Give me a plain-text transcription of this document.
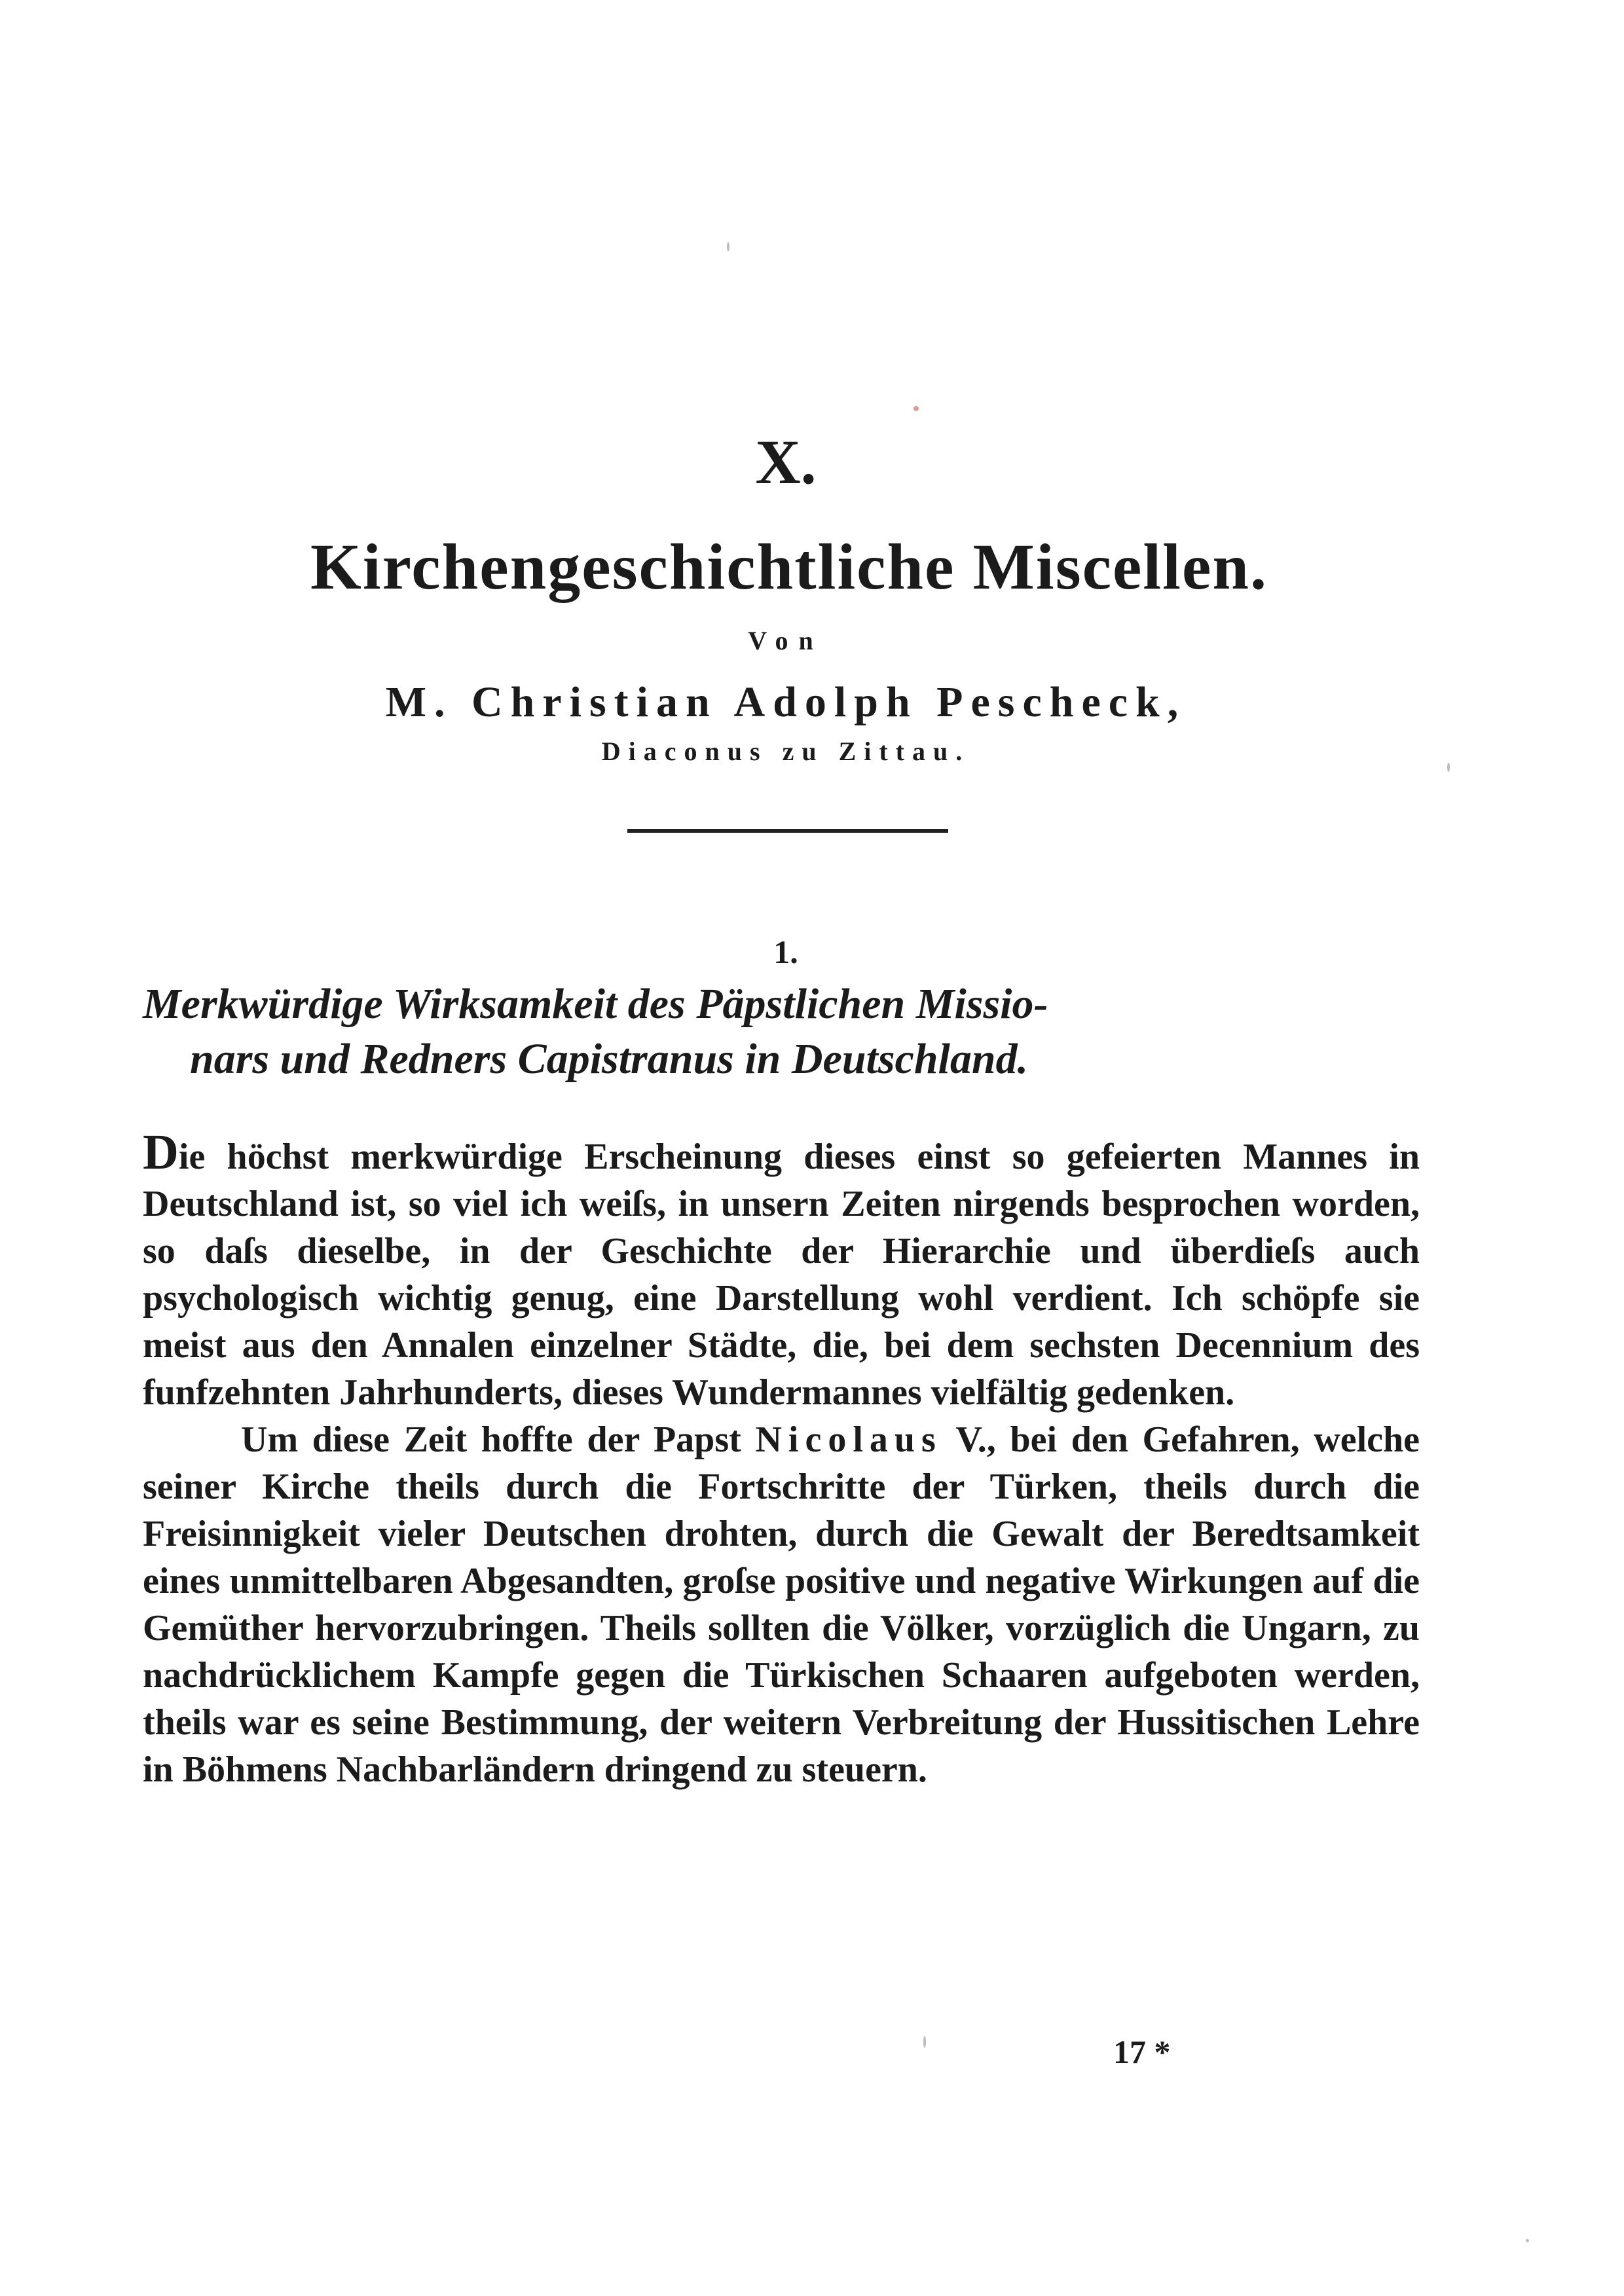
X.
Kirchengeschichtliche Miscellen.
Von
M. Christian Adolph Pescheck,
Diaconus zu Zittau.
1.
Merkwürdige Wirksamkeit des Päpstlichen Missio-
nars und Redners Capistranus in Deutschland.

Die höchst merkwürdige Erscheinung dieses einst so gefeierten Mannes in Deutschland ist, so viel ich weiſs, in unsern Zeiten nirgends besprochen worden, so daſs dieselbe, in der Geschichte der Hierarchie und überdieſs auch psychologisch wichtig genug, eine Darstellung wohl verdient. Ich schöpfe sie meist aus den Annalen einzelner Städte, die, bei dem sechsten Decennium des funfzehnten Jahrhunderts, dieses Wundermannes vielfältig gedenken.

Um diese Zeit hoffte der Papst Nicolaus V., bei den Gefahren, welche seiner Kirche theils durch die Fortschritte der Türken, theils durch die Freisinnigkeit vieler Deutschen drohten, durch die Gewalt der Beredtsamkeit eines unmittelbaren Abgesandten, groſse positive und negative Wirkungen auf die Gemüther hervorzubringen. Theils sollten die Völker, vorzüglich die Ungarn, zu nachdrücklichem Kampfe gegen die Türkischen Schaaren aufgeboten werden, theils war es seine Bestimmung, der weitern Verbreitung der Hussitischen Lehre in Böhmens Nachbarländern dringend zu steuern.

17 *
